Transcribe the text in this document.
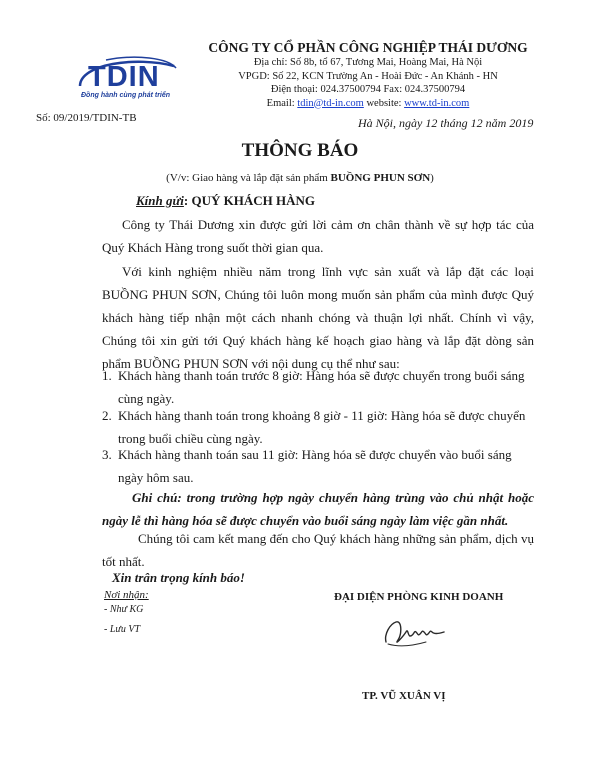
TDIN
Đồng hành cùng phát triển
CÔNG TY CỔ PHẦN CÔNG NGHIỆP THÁI DƯƠNG
Địa chỉ: Số 8b, tổ 67, Tương Mai, Hoàng Mai, Hà Nội
VPGD: Số 22, KCN Trường An - Hoài Đức - An Khánh - HN
Điện thoại: 024.37500794 Fax: 024.37500794
Email: tdin@td-in.com website: www.td-in.com
Số: 09/2019/TDIN-TB	Hà Nội, ngày 12 tháng 12 năm 2019
THÔNG BÁO
(V/v: Giao hàng và lắp đặt sản phẩm BUỒNG PHUN SƠN)
Kính gửi: QUÝ KHÁCH HÀNG
Công ty Thái Dương xin được gửi lời cảm ơn chân thành về sự hợp tác của Quý Khách Hàng trong suốt thời gian qua.
Với kinh nghiệm nhiều năm trong lĩnh vực sản xuất và lắp đặt các loại BUỒNG PHUN SƠN, Chúng tôi luôn mong muốn sản phẩm của mình được Quý khách hàng tiếp nhận một cách nhanh chóng và thuận lợi nhất. Chính vì vậy, Chúng tôi xin gửi tới Quý khách hàng kế hoạch giao hàng và lắp đặt dòng sản phẩm BUỒNG PHUN SƠN với nội dung cụ thể như sau:
1. Khách hàng thanh toán trước 8 giờ: Hàng hóa sẽ được chuyển trong buổi sáng cùng ngày.
2. Khách hàng thanh toán trong khoảng 8 giờ - 11 giờ: Hàng hóa sẽ được chuyển trong buổi chiều cùng ngày.
3. Khách hàng thanh toán sau 11 giờ: Hàng hóa sẽ được chuyển vào buổi sáng ngày hôm sau.
Ghi chú: trong trường hợp ngày chuyển hàng trùng vào chủ nhật hoặc ngày lễ thì hàng hóa sẽ được chuyển vào buổi sáng ngày làm việc gần nhất.
Chúng tôi cam kết mang đến cho Quý khách hàng những sản phẩm, dịch vụ tốt nhất.
Xin trân trọng kính báo!
Nơi nhận:
- Như KG
- Lưu VT
ĐẠI DIỆN PHÒNG KINH DOANH
TP. VŨ XUÂN VỊ
